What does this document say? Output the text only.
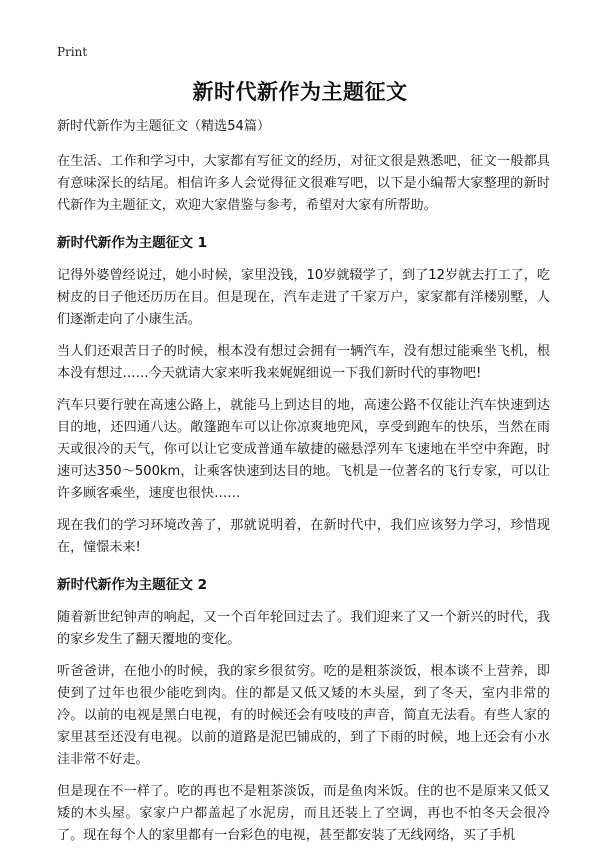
Print
新时代新作为主题征文
新时代新作为主题征文（精选54篇）

在生活、工作和学习中，大家都有写征文的经历，对征文很是熟悉吧，征文一般都具有意味深长的结尾。相信许多人会觉得征文很难写吧，以下是小编帮大家整理的新时代新作为主题征文，欢迎大家借鉴与参考，希望对大家有所帮助。

新时代新作为主题征文 1

记得外婆曾经说过，她小时候，家里没钱，10岁就辍学了，到了12岁就去打工了，吃树皮的日子他还历历在目。但是现在，汽车走进了千家万户，家家都有洋楼别墅，人们逐渐走向了小康生活。

当人们还艰苦日子的时候，根本没有想过会拥有一辆汽车，没有想过能乘坐飞机，根本没有想过……今天就请大家来听我来娓娓细说一下我们新时代的事物吧!

汽车只要行驶在高速公路上，就能马上到达目的地，高速公路不仅能让汽车快速到达目的地，还四通八达。敞篷跑车可以让你凉爽地兜风，享受到跑车的快乐，当然在雨天或很冷的天气，你可以让它变成普通车敏捷的磁悬浮列车飞速地在半空中奔跑，时速可达350～500km，让乘客快速到达目的地。飞机是一位著名的飞行专家，可以让许多顾客乘坐，速度也很快……

现在我们的学习环境改善了，那就说明着，在新时代中，我们应该努力学习，珍惜现在，憧憬未来!

新时代新作为主题征文 2

随着新世纪钟声的响起，又一个百年轮回过去了。我们迎来了又一个新兴的时代，我的家乡发生了翻天覆地的变化。

听爸爸讲，在他小的时候，我的家乡很贫穷。吃的是粗茶淡饭，根本谈不上营养，即使到了过年也很少能吃到肉。住的都是又低又矮的木头屋，到了冬天，室内非常的冷。以前的电视是黑白电视，有的时候还会有吱吱的声音，简直无法看。有些人家的家里甚至还没有电视。以前的道路是泥巴铺成的，到了下雨的时候，地上还会有小水洼非常不好走。

但是现在不一样了。吃的再也不是粗茶淡饭，而是鱼肉米饭。住的也不是原来又低又矮的木头屋。家家户户都盖起了水泥房，而且还装上了空调，再也不怕冬天会很冷了。现在每个人的家里都有一台彩色的电视，甚至都安装了无线网络，买了手机
